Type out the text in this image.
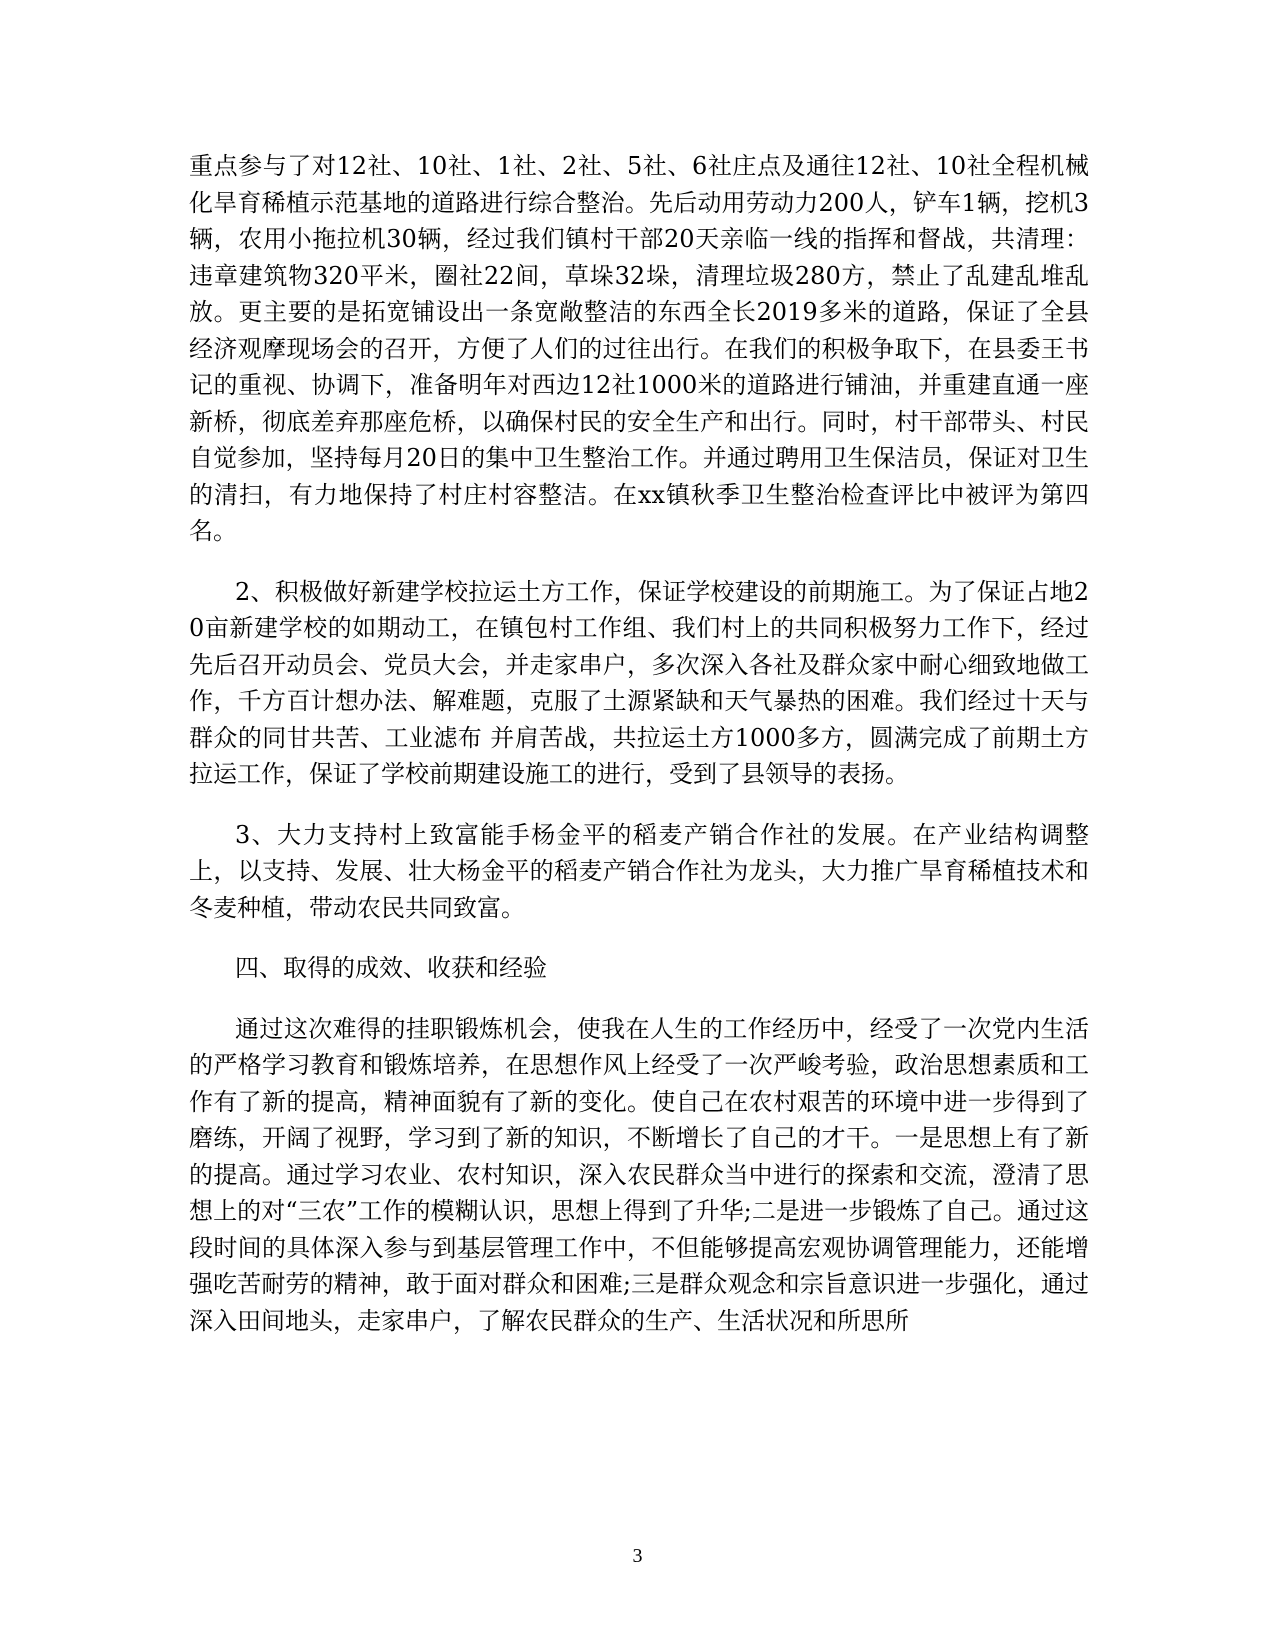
重点参与了对12社、10社、1社、2社、5社、6社庄点及通往12社、10社全程机械化旱育稀植示范基地的道路进行综合整治。先后动用劳动力200人，铲车1辆，挖机3辆，农用小拖拉机30辆，经过我们镇村干部20天亲临一线的指挥和督战，共清理：违章建筑物320平米，圈社22间，草垛32垛，清理垃圾280方，禁止了乱建乱堆乱放。更主要的是拓宽铺设出一条宽敞整洁的东西全长2019多米的道路，保证了全县经济观摩现场会的召开，方便了人们的过往出行。在我们的积极争取下，在县委王书记的重视、协调下，准备明年对西边12社1000米的道路进行铺油，并重建直通一座新桥，彻底差弃那座危桥，以确保村民的安全生产和出行。同时，村干部带头、村民自觉参加，坚持每月20日的集中卫生整治工作。并通过聘用卫生保洁员，保证对卫生的清扫，有力地保持了村庄村容整洁。在xx镇秋季卫生整治检查评比中被评为第四名。

2、积极做好新建学校拉运土方工作，保证学校建设的前期施工。为了保证占地20亩新建学校的如期动工，在镇包村工作组、我们村上的共同积极努力工作下，经过先后召开动员会、党员大会，并走家串户，多次深入各社及群众家中耐心细致地做工作，千方百计想办法、解难题，克服了土源紧缺和天气暴热的困难。我们经过十天与群众的同甘共苦、工业滤布 并肩苦战，共拉运土方1000多方，圆满完成了前期土方拉运工作，保证了学校前期建设施工的进行，受到了县领导的表扬。

3、大力支持村上致富能手杨金平的稻麦产销合作社的发展。在产业结构调整上，以支持、发展、壮大杨金平的稻麦产销合作社为龙头，大力推广旱育稀植技术和冬麦种植，带动农民共同致富。

四、取得的成效、收获和经验

通过这次难得的挂职锻炼机会，使我在人生的工作经历中，经受了一次党内生活的严格学习教育和锻炼培养，在思想作风上经受了一次严峻考验，政治思想素质和工作有了新的提高，精神面貌有了新的变化。使自己在农村艰苦的环境中进一步得到了磨练，开阔了视野，学习到了新的知识，不断增长了自己的才干。一是思想上有了新的提高。通过学习农业、农村知识，深入农民群众当中进行的探索和交流，澄清了思想上的对“三农”工作的模糊认识，思想上得到了升华;二是进一步锻炼了自己。通过这段时间的具体深入参与到基层管理工作中，不但能够提高宏观协调管理能力，还能增强吃苦耐劳的精神，敢于面对群众和困难;三是群众观念和宗旨意识进一步强化，通过深入田间地头，走家串户，了解农民群众的生产、生活状况和所思所

3
